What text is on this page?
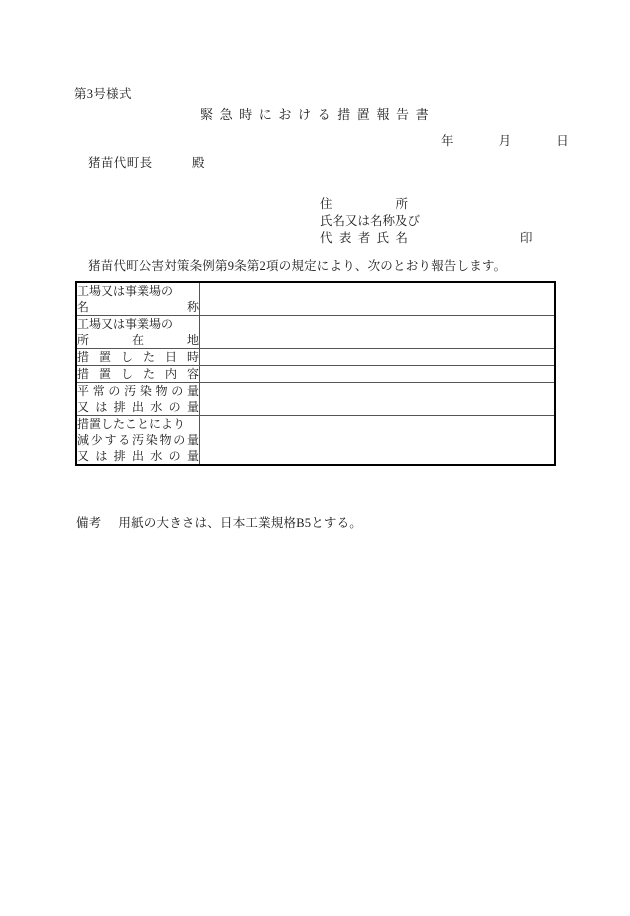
第3号様式
緊急時における措置報告書
年 月 日
猪苗代町長	殿
住所
氏名又は名称及び
代表者氏名	印
猪苗代町公害対策条例第9条第2項の規定により、次のとおり報告します。
工場又は事業場の
名称	

工場又は事業場の
所在地	

措置した日時	

措置した内容	

平常の汚染物の量
又は排出水の量	

措置したことにより
減少する汚染物の量
又は排出水の量	

備考 用紙の大きさは、日本工業規格B5とする。
